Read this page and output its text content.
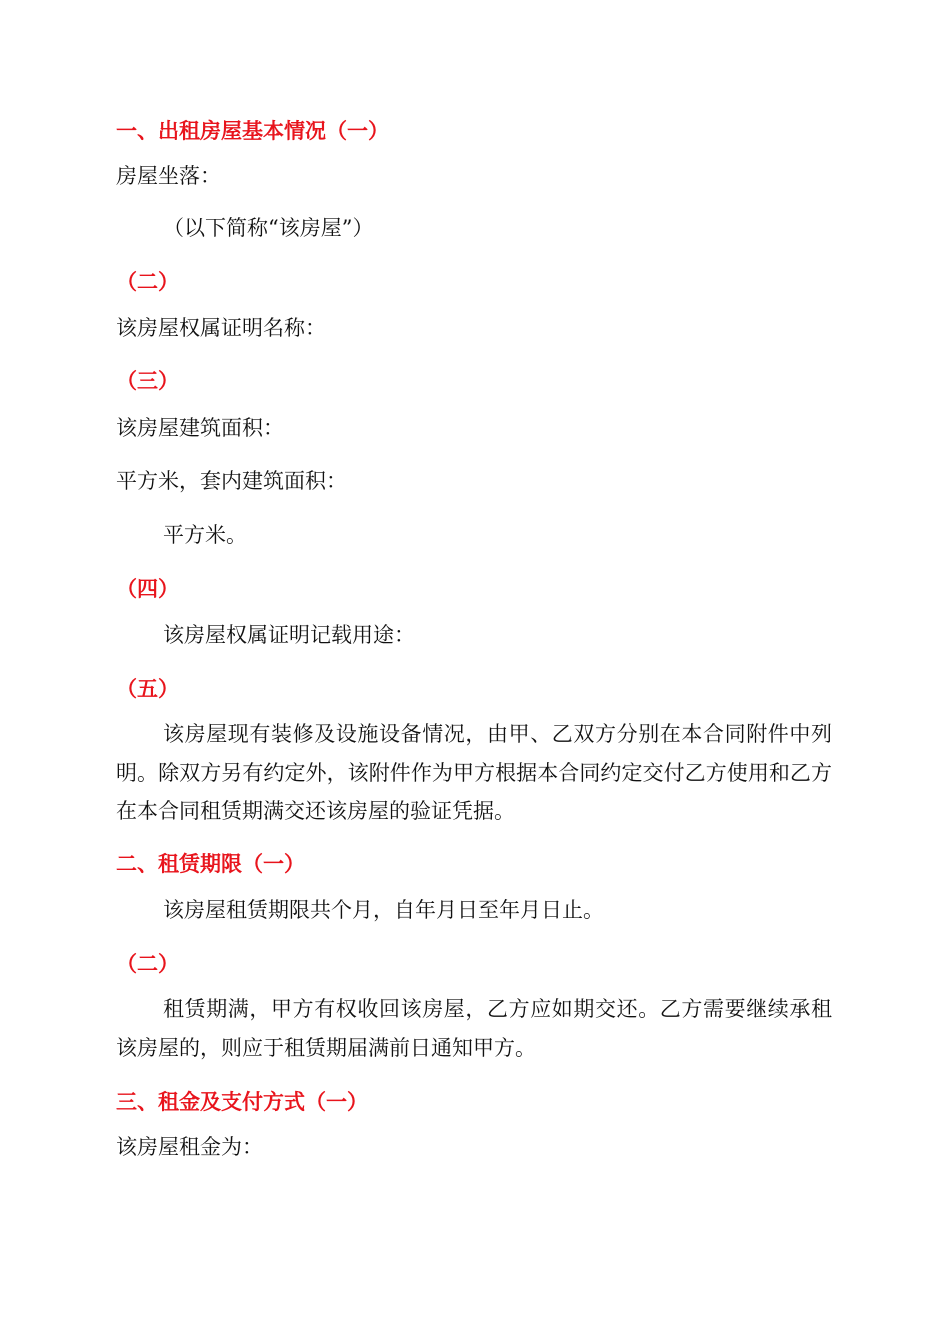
一、出租房屋基本情况（一）

房屋坐落：

（以下简称“该房屋”）

（二）

该房屋权属证明名称：

（三）

该房屋建筑面积：

平方米，套内建筑面积：

平方米。

（四）

该房屋权属证明记载用途：

（五）

该房屋现有装修及设施设备情况，由甲、乙双方分别在本合同附件中列明。除双方另有约定外，该附件作为甲方根据本合同约定交付乙方使用和乙方在本合同租赁期满交还该房屋的验证凭据。

二、租赁期限（一）

该房屋租赁期限共个月，自年月日至年月日止。

（二）

租赁期满，甲方有权收回该房屋，乙方应如期交还。乙方需要继续承租该房屋的，则应于租赁期届满前日通知甲方。

三、租金及支付方式（一）

该房屋租金为：
